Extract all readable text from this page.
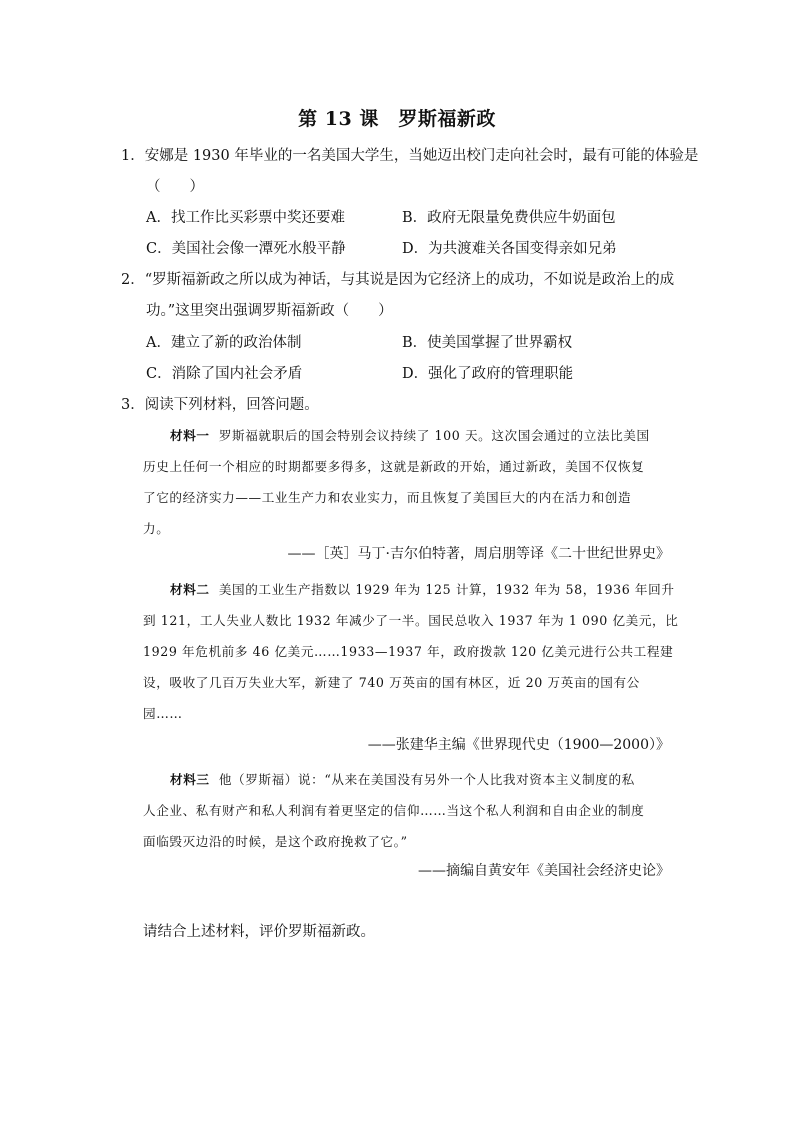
第 13 课　罗斯福新政
1．安娜是 1930 年毕业的一名美国大学生，当她迈出校门走向社会时，最有可能的体验是
（　　）
A．找工作比买彩票中奖还要难	B．政府无限量免费供应牛奶面包
C．美国社会像一潭死水般平静	D．为共渡难关各国变得亲如兄弟
2．“罗斯福新政之所以成为神话，与其说是因为它经济上的成功，不如说是政治上的成
功。”这里突出强调罗斯福新政（　　）
A．建立了新的政治体制	B．使美国掌握了世界霸权
C．消除了国内社会矛盾	D．强化了政府的管理职能
3．阅读下列材料，回答问题。
材料一 罗斯福就职后的国会特别会议持续了 100 天。这次国会通过的立法比美国
历史上任何一个相应的时期都要多得多，这就是新政的开始，通过新政，美国不仅恢复
了它的经济实力——工业生产力和农业实力，而且恢复了美国巨大的内在活力和创造
力。
——［英］马丁·吉尔伯特著，周启朋等译《二十世纪世界史》
材料二 美国的工业生产指数以 1929 年为 125 计算，1932 年为 58，1936 年回升
到 121，工人失业人数比 1932 年减少了一半。国民总收入 1937 年为 1 090 亿美元，比
1929 年危机前多 46 亿美元……1933—1937 年，政府拨款 120 亿美元进行公共工程建
设，吸收了几百万失业大军，新建了 740 万英亩的国有林区，近 20 万英亩的国有公
园……
——张建华主编《世界现代史（1900—2000）》
材料三 他（罗斯福）说：“从来在美国没有另外一个人比我对资本主义制度的私
人企业、私有财产和私人利润有着更坚定的信仰……当这个私人利润和自由企业的制度
面临毁灭边沿的时候，是这个政府挽救了它。”
——摘编自黄安年《美国社会经济史论》
请结合上述材料，评价罗斯福新政。
